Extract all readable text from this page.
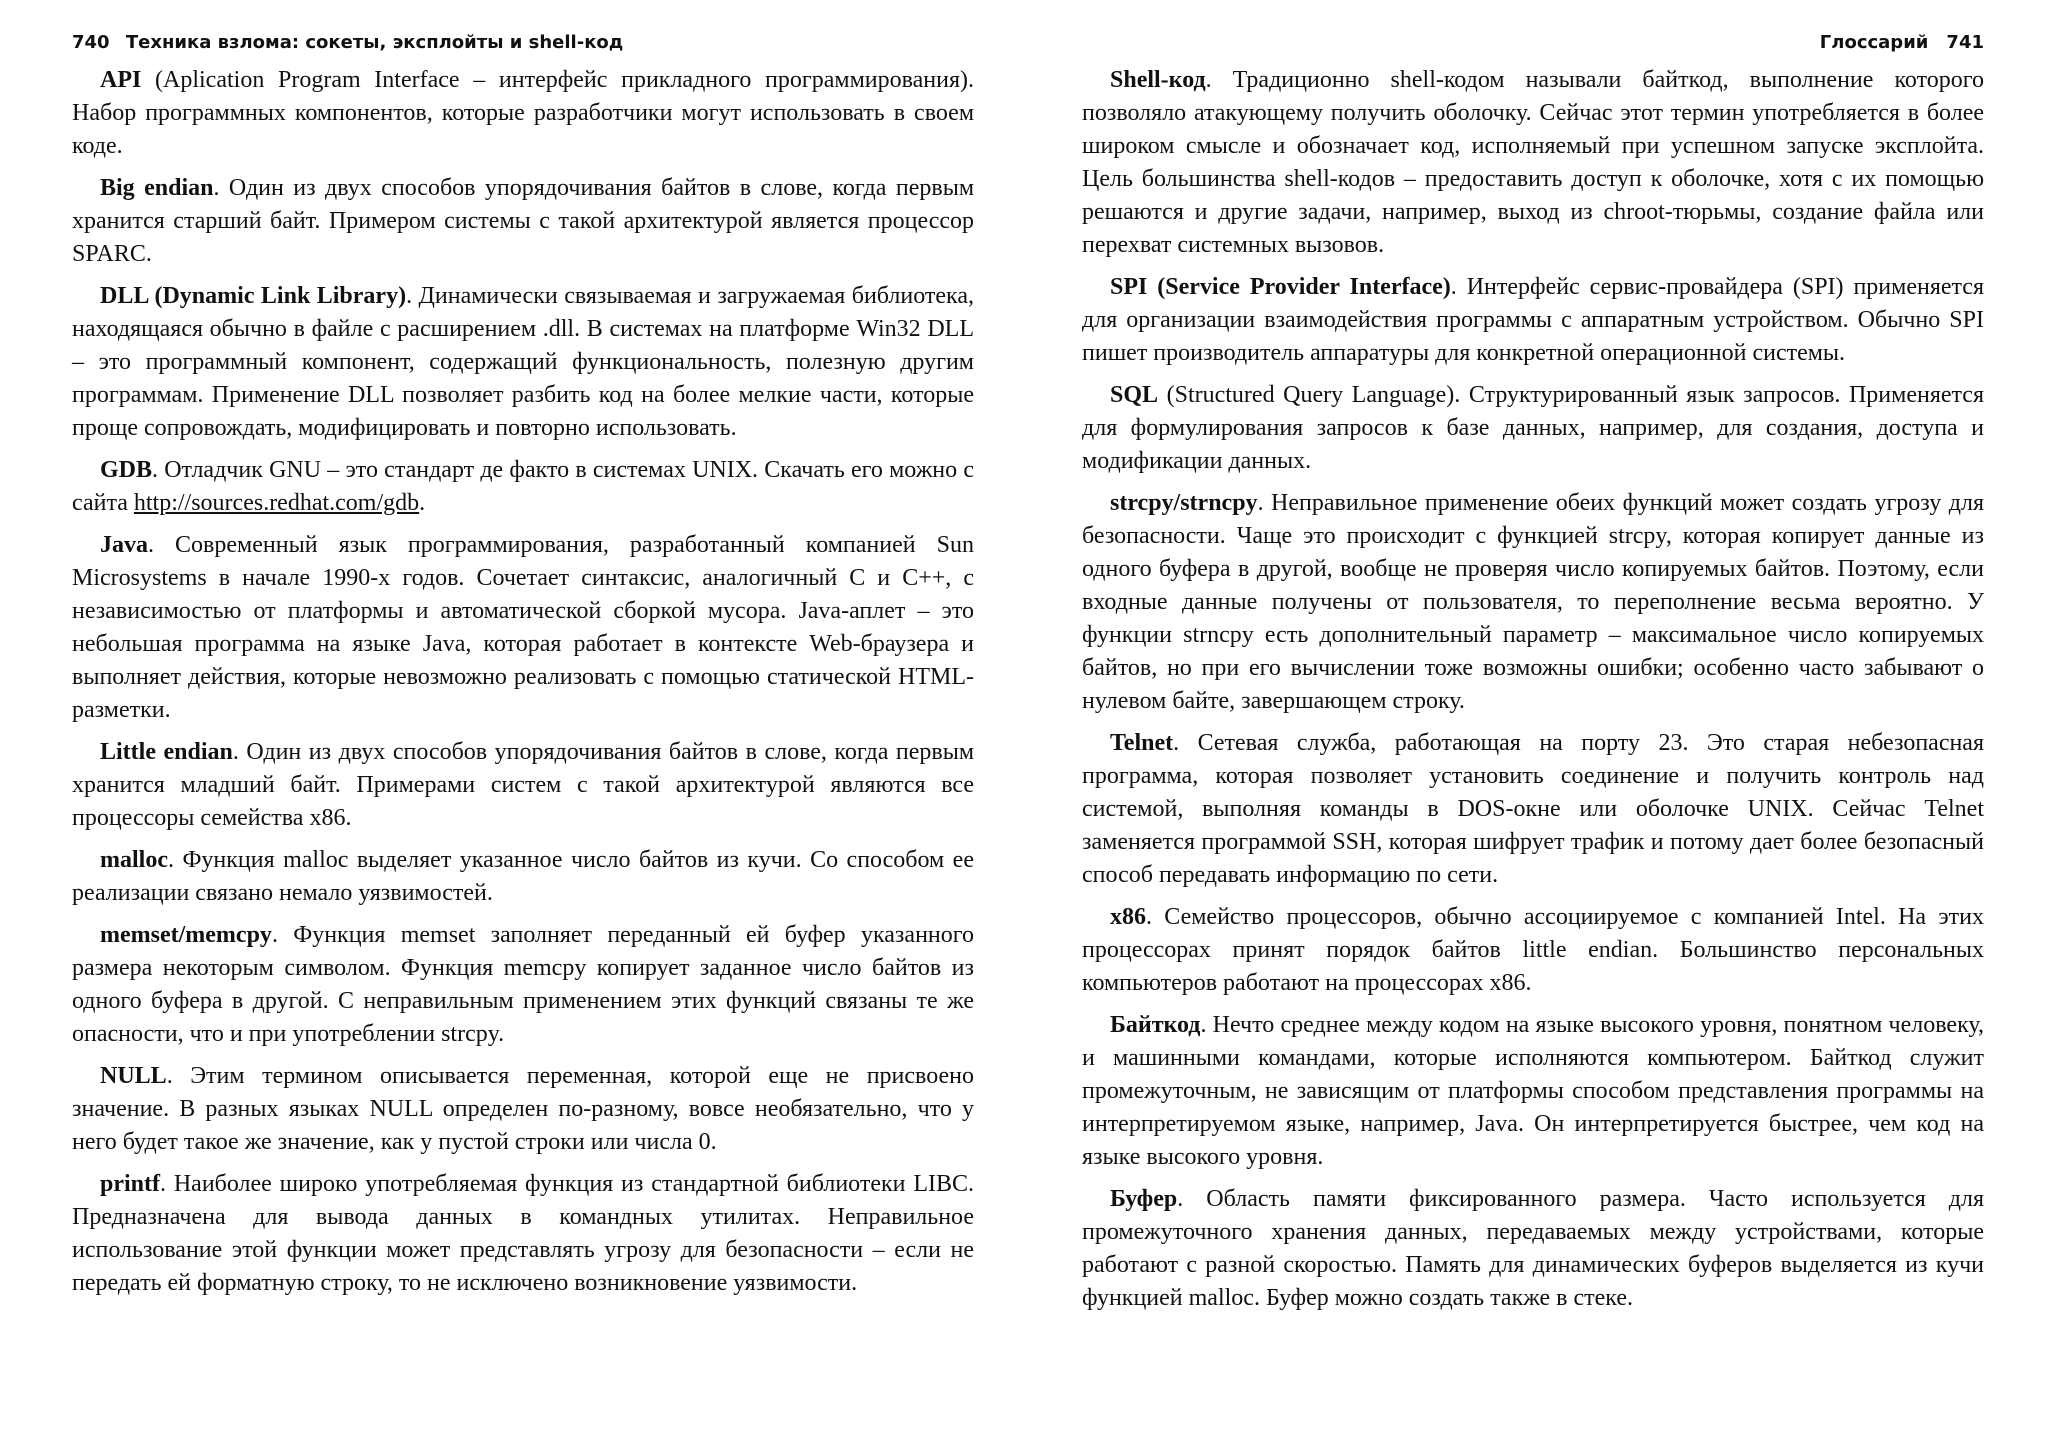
740 Техника взлома: сокеты, эксплойты и shell-код

API (Aplication Program Interface – интерфейс прикладного программирования). Набор программных компонентов, которые разработчики могут использовать в своем коде.

Big endian. Один из двух способов упорядочивания байтов в слове, когда первым хранится старший байт. Примером системы с такой архитектурой является процессор SPARC.

DLL (Dynamic Link Library). Динамически связываемая и загружаемая библиотека, находящаяся обычно в файле с расширением .dll. В системах на платформе Win32 DLL – это программный компонент, содержащий функциональность, полезную другим программам. Применение DLL позволяет разбить код на более мелкие части, которые проще сопровождать, модифицировать и повторно использовать.

GDB. Отладчик GNU – это стандарт де факто в системах UNIX. Скачать его можно с сайта http://sources.redhat.com/gdb.

Java. Современный язык программирования, разработанный компанией Sun Microsystems в начале 1990-х годов. Сочетает синтаксис, аналогичный C и C++, с независимостью от платформы и автоматической сборкой мусора. Java-аплет – это небольшая программа на языке Java, которая работает в контексте Web-браузера и выполняет действия, которые невозможно реализовать с помощью статической HTML-разметки.

Little endian. Один из двух способов упорядочивания байтов в слове, когда первым хранится младший байт. Примерами систем с такой архитектурой являются все процессоры семейства x86.

malloc. Функция malloc выделяет указанное число байтов из кучи. Со способом ее реализации связано немало уязвимостей.

memset/memcpy. Функция memset заполняет переданный ей буфер указанного размера некоторым символом. Функция memcpy копирует заданное число байтов из одного буфера в другой. С неправильным применением этих функций связаны те же опасности, что и при употреблении strcpy.

NULL. Этим термином описывается переменная, которой еще не присвоено значение. В разных языках NULL определен по-разному, вовсе необязательно, что у него будет такое же значение, как у пустой строки или числа 0.

printf. Наиболее широко употребляемая функция из стандартной библиотеки LIBC. Предназначена для вывода данных в командных утилитах. Неправильное использование этой функции может представлять угрозу для безопасности – если не передать ей форматную строку, то не исключено возникновение уязвимости.

Глоссарий 741

Shell-код. Традиционно shell-кодом называли байткод, выполнение которого позволяло атакующему получить оболочку. Сейчас этот термин употребляется в более широком смысле и обозначает код, исполняемый при успешном запуске эксплойта. Цель большинства shell-кодов – предоставить доступ к оболочке, хотя с их помощью решаются и другие задачи, например, выход из chroot-тюрьмы, создание файла или перехват системных вызовов.

SPI (Service Provider Interface). Интерфейс сервис-провайдера (SPI) применяется для организации взаимодействия программы с аппаратным устройством. Обычно SPI пишет производитель аппаратуры для конкретной операционной системы.

SQL (Structured Query Language). Структурированный язык запросов. Применяется для формулирования запросов к базе данных, например, для создания, доступа и модификации данных.

strcpy/strncpy. Неправильное применение обеих функций может создать угрозу для безопасности. Чаще это происходит с функцией strcpy, которая копирует данные из одного буфера в другой, вообще не проверяя число копируемых байтов. Поэтому, если входные данные получены от пользователя, то переполнение весьма вероятно. У функции strncpy есть дополнительный параметр – максимальное число копируемых байтов, но при его вычислении тоже возможны ошибки; особенно часто забывают о нулевом байте, завершающем строку.

Telnet. Сетевая служба, работающая на порту 23. Это старая небезопасная программа, которая позволяет установить соединение и получить контроль над системой, выполняя команды в DOS-окне или оболочке UNIX. Сейчас Telnet заменяется программой SSH, которая шифрует трафик и потому дает более безопасный способ передавать информацию по сети.

x86. Семейство процессоров, обычно ассоциируемое с компанией Intel. На этих процессорах принят порядок байтов little endian. Большинство персональных компьютеров работают на процессорах x86.

Байткод. Нечто среднее между кодом на языке высокого уровня, понятном человеку, и машинными командами, которые исполняются компьютером. Байткод служит промежуточным, не зависящим от платформы способом представления программы на интерпретируемом языке, например, Java. Он интерпретируется быстрее, чем код на языке высокого уровня.

Буфер. Область памяти фиксированного размера. Часто используется для промежуточного хранения данных, передаваемых между устройствами, которые работают с разной скоростью. Память для динамических буферов выделяется из кучи функцией malloc. Буфер можно создать также в стеке.
